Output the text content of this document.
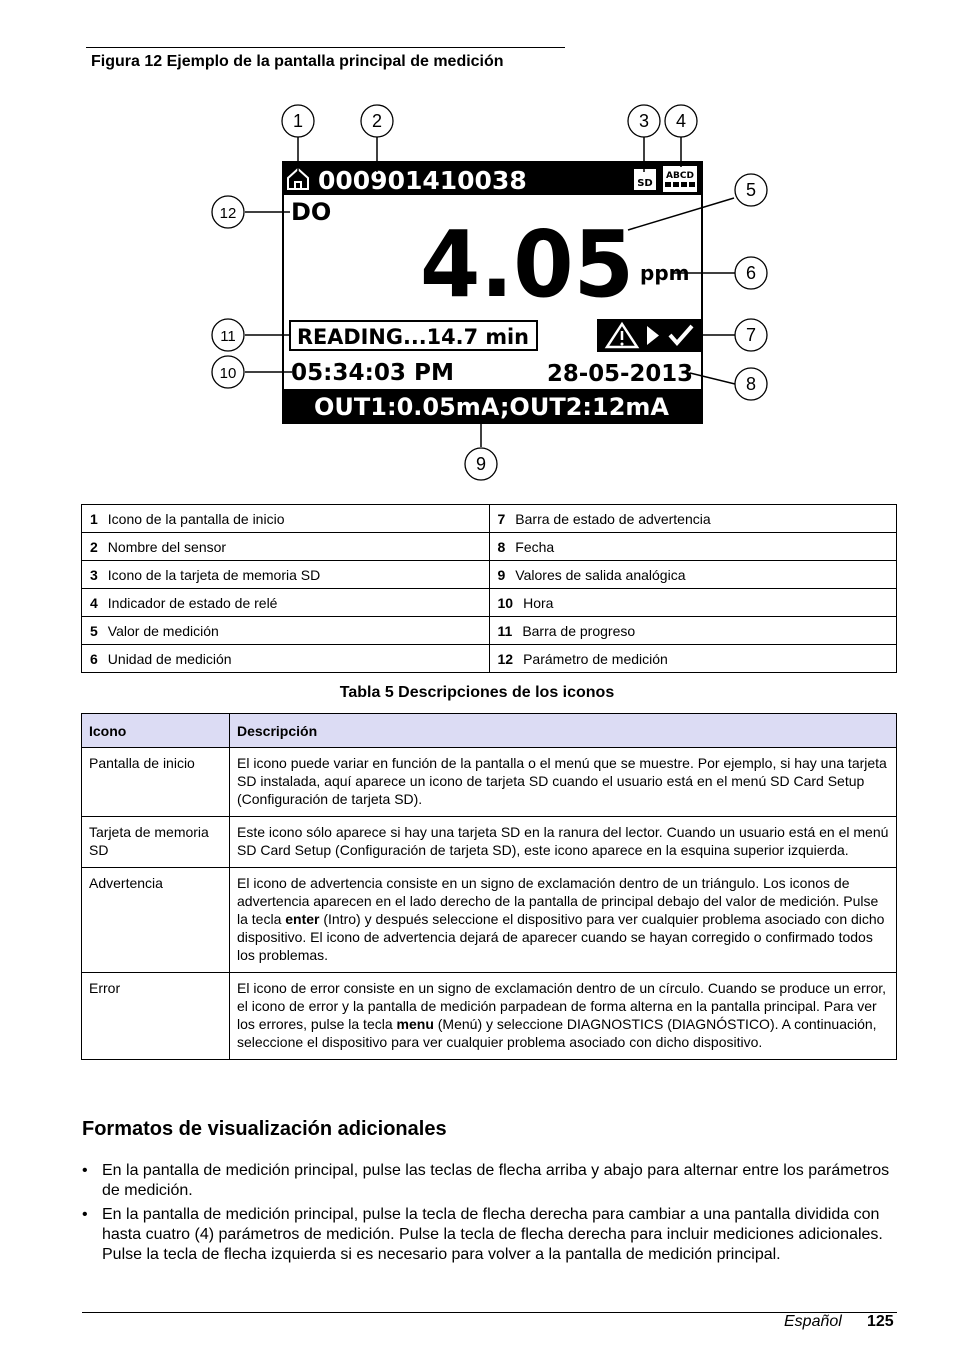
Figura 12 Ejemplo de la pantalla principal de medición
000901410038	SD
ABCD
DO 4.05 ppm
READING...14.7 min
05:34:03 PM	28-05-2013
OUT1:0.05mA;OUT2:12mA
1	2	3 4
5
6
7
8
9
10
11
12
1 Icono de la pantalla de inicio	7 Barra de estado de advertencia
2 Nombre del sensor	8 Fecha
3 Icono de la tarjeta de memoria SD	9 Valores de salida analógica
4 Indicador de estado de relé	10 Hora
5 Valor de medición	11 Barra de progreso
6 Unidad de medición	12 Parámetro de medición
Tabla 5 Descripciones de los iconos
Icono	Descripción
Pantalla de inicio	El icono puede variar en función de la pantalla o el menú que se muestre. Por ejemplo, si hay una tarjeta SD instalada, aquí aparece un icono de tarjeta SD cuando el usuario está en el menú SD Card Setup (Configuración de tarjeta SD).
Tarjeta de memoria SD	Este icono sólo aparece si hay una tarjeta SD en la ranura del lector. Cuando un usuario está en el menú SD Card Setup (Configuración de tarjeta SD), este icono aparece en la esquina superior izquierda.
Advertencia	El icono de advertencia consiste en un signo de exclamación dentro de un triángulo. Los iconos de advertencia aparecen en el lado derecho de la pantalla de principal debajo del valor de medición. Pulse la tecla enter (Intro) y después seleccione el dispositivo para ver cualquier problema asociado con dicho dispositivo. El icono de advertencia dejará de aparecer cuando se hayan corregido o confirmado todos los problemas.
Error	El icono de error consiste en un signo de exclamación dentro de un círculo. Cuando se produce un error, el icono de error y la pantalla de medición parpadean de forma alterna en la pantalla principal. Para ver los errores, pulse la tecla menu (Menú) y seleccione DIAGNOSTICS (DIAGNÓSTICO). A continuación, seleccione el dispositivo para ver cualquier problema asociado con dicho dispositivo.
Formatos de visualización adicionales
• En la pantalla de medición principal, pulse las teclas de flecha arriba y abajo para alternar entre los parámetros de medición.
• En la pantalla de medición principal, pulse la tecla de flecha derecha para cambiar a una pantalla dividida con hasta cuatro (4) parámetros de medición. Pulse la tecla de flecha derecha para incluir mediciones adicionales. Pulse la tecla de flecha izquierda si es necesario para volver a la pantalla de medición principal.
Español 125
